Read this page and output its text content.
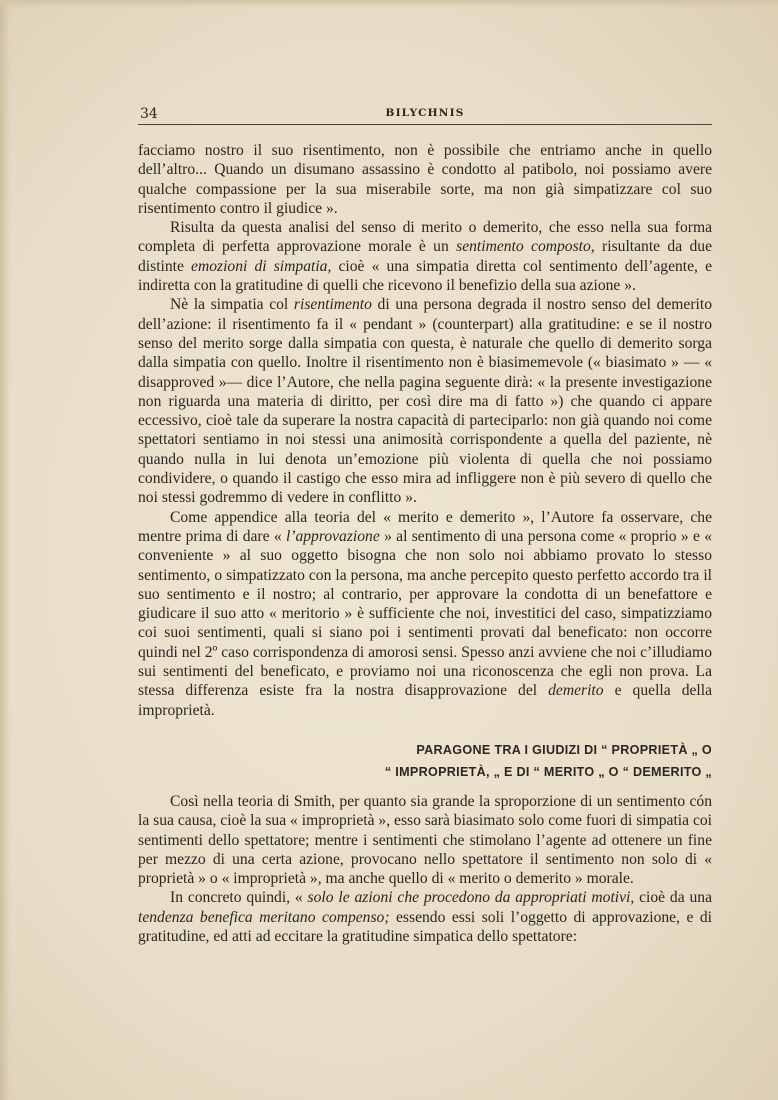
34	BILYCHNIS

facciamo nostro il suo risentimento, non è possibile che entriamo anche in quello dell’altro... Quando un disumano assassino è condotto al patibolo, noi possiamo avere qualche compassione per la sua miserabile sorte, ma non già simpatizzare col suo risentimento contro il giudice ».

Risulta da questa analisi del senso di merito o demerito, che esso nella sua forma completa di perfetta approvazione morale è un sentimento composto, risultante da due distinte emozioni di simpatia, cioè « una simpatia diretta col sentimento dell’agente, e indiretta con la gratitudine di quelli che ricevono il benefizio della sua azione ».

Nè la simpatia col risentimento di una persona degrada il nostro senso del demerito dell’azione: il risentimento fa il « pendant » (counterpart) alla gratitudine: e se il nostro senso del merito sorge dalla simpatia con questa, è naturale che quello di demerito sorga dalla simpatia con quello. Inoltre il risentimento non è biasimemevole (« biasimato » — « disapproved »— dice l’Autore, che nella pagina seguente dirà: « la presente investigazione non riguarda una materia di diritto, per così dire ma di fatto ») che quando ci appare eccessivo, cioè tale da superare la nostra capacità di parteciparlo: non già quando noi come spettatori sentiamo in noi stessi una animosità corrispondente a quella del paziente, nè quando nulla in lui denota un’emozione più violenta di quella che noi possiamo condividere, o quando il castigo che esso mira ad infliggere non è più severo di quello che noi stessi godremmo di vedere in conflitto ».

Come appendice alla teoria del « merito e demerito », l’Autore fa osservare, che mentre prima di dare « l’approvazione » al sentimento di una persona come « proprio » e « conveniente » al suo oggetto bisogna che non solo noi abbiamo provato lo stesso sentimento, o simpatizzato con la persona, ma anche percepito questo perfetto accordo tra il suo sentimento e il nostro; al contrario, per approvare la condotta di un benefattore e giudicare il suo atto « meritorio » è sufficiente che noi, investitici del caso, simpatizziamo coi suoi sentimenti, quali si siano poi i sentimenti provati dal beneficato: non occorre quindi nel 2º caso corrispondenza di amorosi sensi. Spesso anzi avviene che noi c’illudiamo sui sentimenti del beneficato, e proviamo noi una riconoscenza che egli non prova. La stessa differenza esiste fra la nostra disapprovazione del demerito e quella della improprietà.

PARAGONE TRA I GIUDIZI DI “ PROPRIETÀ „ O
“ IMPROPRIETÀ, „ E DI “ MERITO „ O “ DEMERITO „

Così nella teoria di Smith, per quanto sia grande la sproporzione di un sentimento cón la sua causa, cioè la sua « improprietà », esso sarà biasimato solo come fuori di simpatia coi sentimenti dello spettatore; mentre i sentimenti che stimolano l’agente ad ottenere un fine per mezzo di una certa azione, provocano nello spettatore il sentimento non solo di « proprietà » o « improprietà », ma anche quello di « merito o demerito » morale.

In concreto quindi, « solo le azioni che procedono da appropriati motivi, cioè da una tendenza benefica meritano compenso; essendo essi soli l’oggetto di approvazione, e di gratitudine, ed atti ad eccitare la gratitudine simpatica dello spettatore:
